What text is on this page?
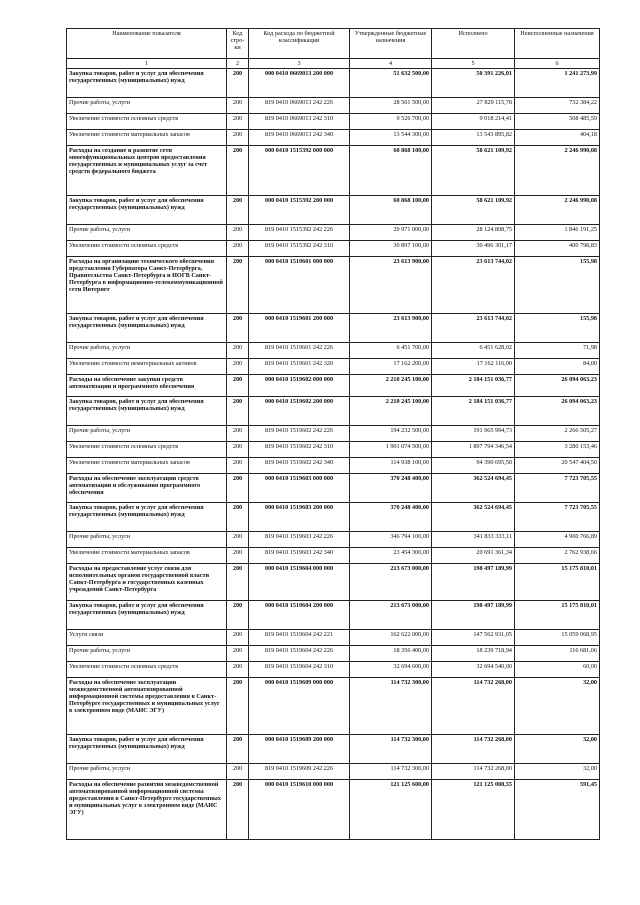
Наименование показателя	Код стро-ки	Код расхода по бюджетной классификации	Утвержденные бюджетные назначения	Исполнено	Неисполненные назначения
1	2	3	4	5	6
Закупка товаров, работ и услуг для обеспечения государственных (муниципальных) нужд	200	000 0410 0669013 200 000	51 632 500,00	50 391 226,01	1 241 273,99
Прочие работы, услуги	200	819 0410 0669013 242 226	28 561 500,00	27 829 115,78	732 384,22
Увеличение стоимости основных средств	200	819 0410 0669013 242 310	9 526 700,00	9 018 214,41	508 485,59
Увеличение стоимости материальных запасов	200	819 0410 0669013 242 340	13 544 300,00	13 543 895,82	404,18
Расходы на создание и развитие сети многофункциональных центров предоставления государственных и муниципальных услуг за счет средств федерального бюджета	200	000 0410 1515392 000 000	60 868 100,00	58 621 109,92	2 246 990,08
Закупка товаров, работ и услуг для обеспечения государственных (муниципальных) нужд	200	000 0410 1515392 200 000	60 868 100,00	58 621 109,92	2 246 990,08
Прочие работы, услуги	200	819 0410 1515392 242 226	29 971 000,00	28 124 808,75	1 846 191,25
Увеличение стоимости основных средств	200	819 0410 1515392 242 310	30 897 100,00	30 496 301,17	400 798,83
Расходы на организацию технического обеспечения представления Губернатора Санкт-Петербурга, Правительства Санкт-Петербурга и ИОГВ Санкт-Петербурга в информационно-телекоммуникационной сети Интернет	200	000 0410 1519601 000 000	23 613 900,00	23 613 744,02	155,98
Закупка товаров, работ и услуг для обеспечения государственных (муниципальных) нужд	200	000 0410 1519601 200 000	23 613 900,00	23 613 744,02	155,98
Прочие работы, услуги	200	819 0410 1519601 242 226	6 451 700,00	6 451 628,02	71,98
Увеличение стоимости нематериальных активов	200	819 0410 1519601 242 320	17 162 200,00	17 162 116,00	84,00
Расходы на обеспечение закупки средств автоматизации и программного обеспечения	200	000 0410 1519602 000 000	2 210 245 100,00	2 184 151 036,77	26 094 063,23
Закупка товаров, работ и услуг для обеспечения государственных (муниципальных) нужд	200	000 0410 1519602 200 000	2 210 245 100,00	2 184 151 036,77	26 094 063,23
Прочие работы, услуги	200	819 0410 1519602 242 226	194 232 500,00	191 965 994,73	2 266 505,27
Увеличение стоимости основных средств	200	819 0410 1519602 242 310	1 901 074 500,00	1 897 794 346,54	3 280 153,46
Увеличение стоимости материальных запасов	200	819 0410 1519602 242 340	114 938 100,00	94 390 695,50	20 547 404,50
Расходы на обеспечение эксплуатации средств автоматизации и обслуживания программного обеспечения	200	000 0410 1519603 000 000	370 248 400,00	362 524 694,45	7 723 705,55
Закупка товаров, работ и услуг для обеспечения государственных (муниципальных) нужд	200	000 0410 1519603 200 000	370 248 400,00	362 524 694,45	7 723 705,55
Прочие работы, услуги	200	819 0410 1519603 242 226	346 794 100,00	341 833 333,11	4 960 766,89
Увеличение стоимости материальных запасов	200	819 0410 1519603 242 340	23 454 300,00	20 691 361,34	2 762 938,66
Расходы на предоставление услуг связи для исполнительных органов государственной власти Санкт-Петербурга и государственных казенных учреждений Санкт-Петербурга	200	000 0410 1519604 000 000	213 673 000,00	198 497 189,99	15 175 810,01
Закупка товаров, работ и услуг для обеспечения государственных (муниципальных) нужд	200	000 0410 1519604 200 000	213 673 000,00	198 497 189,99	15 175 810,01
Услуги связи	200	819 0410 1519604 242 221	162 622 000,00	147 562 931,05	15 059 068,95
Прочие работы, услуги	200	819 0410 1519604 242 226	18 356 400,00	18 239 718,94	116 681,06
Увеличение стоимости основных средств	200	819 0410 1519604 242 310	32 694 600,00	32 694 540,00	60,00
Расходы на обеспечение эксплуатации межведомственной автоматизированной информационной системы предоставления в Санкт-Петербурге государственных и муниципальных услуг в электронном виде (МАИС ЭГУ)	200	000 0410 1519609 000 000	114 732 300,00	114 732 268,00	32,00
Закупка товаров, работ и услуг для обеспечения государственных (муниципальных) нужд	200	000 0410 1519609 200 000	114 732 300,00	114 732 268,00	32,00
Прочие работы, услуги	200	819 0410 1519609 242 226	114 732 300,00	114 732 268,00	32,00
Расходы на обеспечение развития межведомственной автоматизированной информационной системы предоставления в Санкт-Петербурге государственных и муниципальных услуг в электронном виде (МАИС ЭГУ)	200	000 0410 1519610 000 000	121 125 600,00	121 125 008,55	591,45
